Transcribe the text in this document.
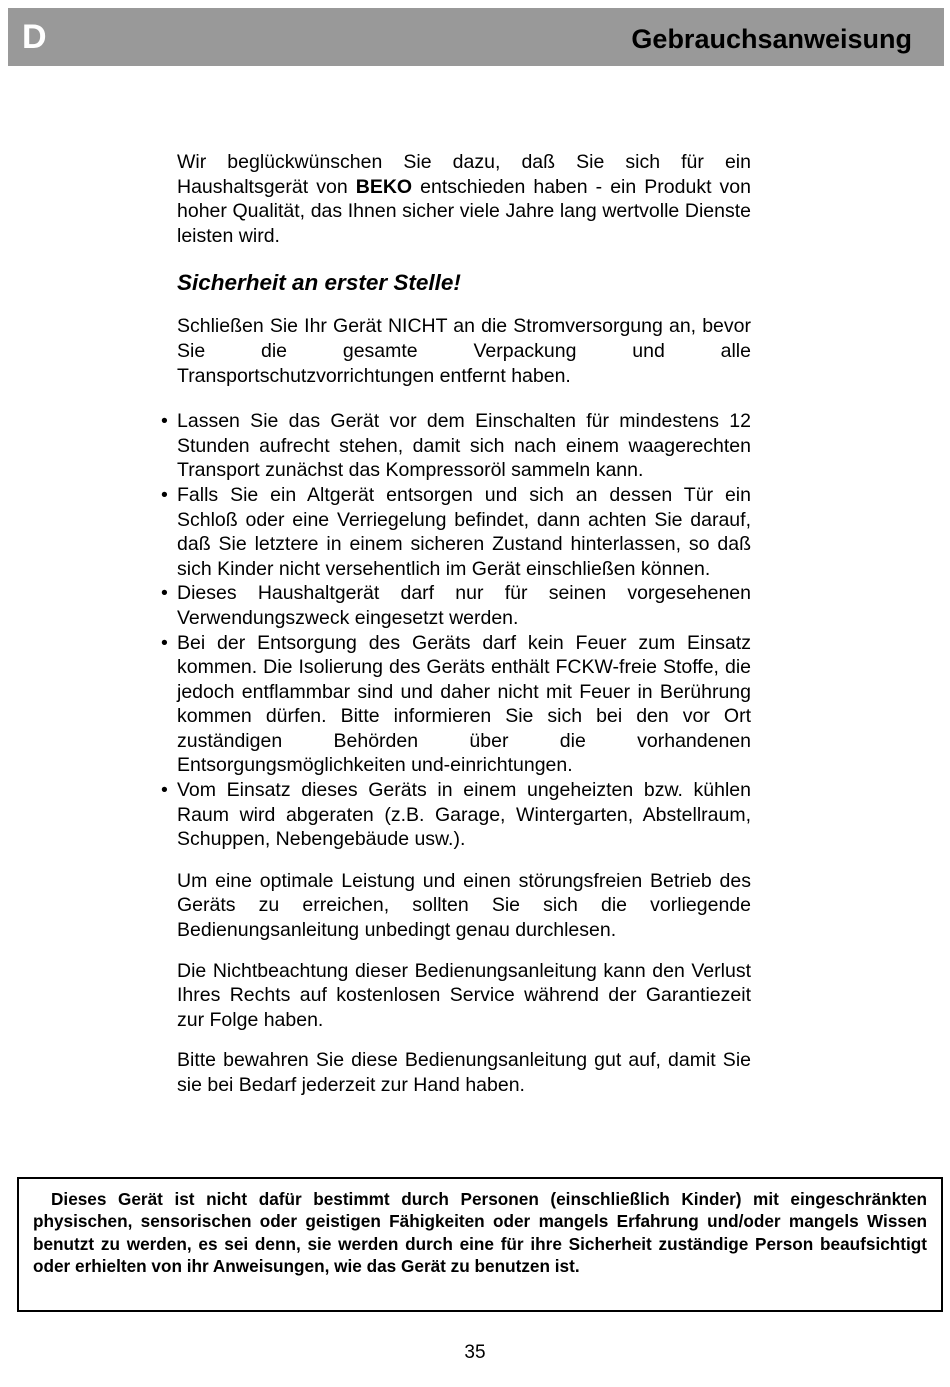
D	Gebrauchsanweisung

Wir beglückwünschen Sie dazu, daß Sie sich für ein Haushaltsgerät von BEKO entschieden haben - ein Produkt von hoher Qualität, das Ihnen sicher viele Jahre lang wertvolle Dienste leisten wird.

Sicherheit an erster Stelle!

Schließen Sie Ihr Gerät NICHT an die Stromversorgung an, bevor Sie die gesamte Verpackung und alle Transportschutzvorrichtungen entfernt haben.

• Lassen Sie das Gerät vor dem Einschalten für mindestens 12 Stunden aufrecht stehen, damit sich nach einem waagerechten Transport zunächst das Kompressoröl sammeln kann.
• Falls Sie ein Altgerät entsorgen und sich an dessen Tür ein Schloß oder eine Verriegelung befindet, dann achten Sie darauf, daß Sie letztere in einem sicheren Zustand hinterlassen, so daß sich Kinder nicht versehentlich im Gerät einschließen können.
• Dieses Haushaltgerät darf nur für seinen vorgesehenen Verwendungszweck eingesetzt werden.
• Bei der Entsorgung des Geräts darf kein Feuer zum Einsatz kommen. Die Isolierung des Geräts enthält FCKW-freie Stoffe, die jedoch entflammbar sind und daher nicht mit Feuer in Berührung kommen dürfen. Bitte informieren Sie sich bei den vor Ort zuständigen Behörden über die vorhandenen Entsorgungsmöglichkeiten und-einrichtungen.
• Vom Einsatz dieses Geräts in einem ungeheizten bzw. kühlen Raum wird abgeraten (z.B. Garage, Wintergarten, Abstellraum, Schuppen, Nebengebäude usw.).

Um eine optimale Leistung und einen störungsfreien Betrieb des Geräts zu erreichen, sollten Sie sich die vorliegende Bedienungsanleitung unbedingt genau durchlesen.

Die Nichtbeachtung dieser Bedienungsanleitung kann den Verlust Ihres Rechts auf kostenlosen Service während der Garantiezeit zur Folge haben.

Bitte bewahren Sie diese Bedienungsanleitung gut auf, damit Sie sie bei Bedarf jederzeit zur Hand haben.

Dieses Gerät ist nicht dafür bestimmt durch Personen (einschließlich Kinder) mit eingeschränkten physischen, sensorischen oder geistigen Fähigkeiten oder mangels Erfahrung und/oder mangels Wissen benutzt zu werden, es sei denn, sie werden durch eine für ihre Sicherheit zuständige Person beaufsichtigt oder erhielten von ihr Anweisungen, wie das Gerät zu benutzen ist.
35
